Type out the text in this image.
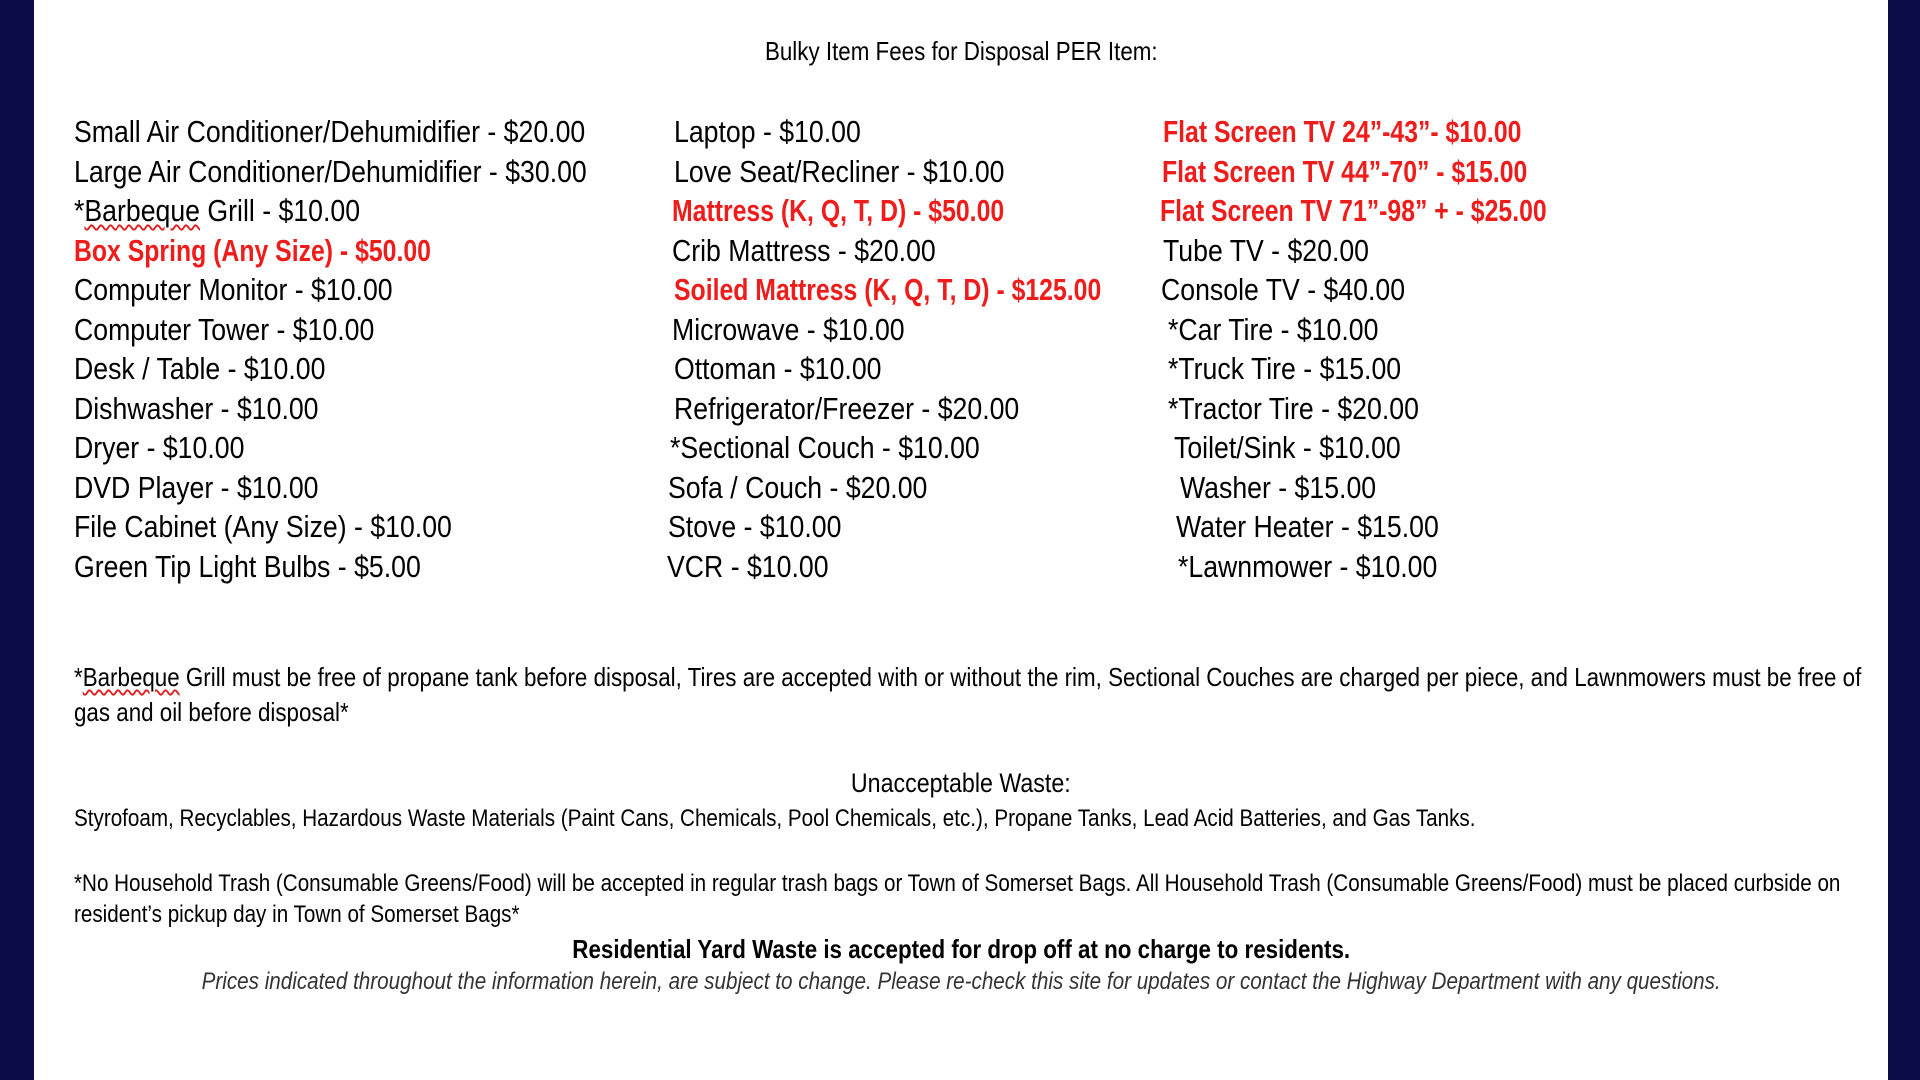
Bulky Item Fees for Disposal PER Item:
Small Air Conditioner/Dehumidifier - $20.00
Large Air Conditioner/Dehumidifier - $30.00
*Barbeque Grill - $10.00
Box Spring (Any Size) - $50.00
Computer Monitor - $10.00
Computer Tower - $10.00
Desk / Table - $10.00
Dishwasher - $10.00
Dryer - $10.00
DVD Player - $10.00
File Cabinet (Any Size) - $10.00
Green Tip Light Bulbs - $5.00
Laptop - $10.00
Love Seat/Recliner - $10.00
Mattress (K, Q, T, D) - $50.00
Crib Mattress - $20.00
Soiled Mattress (K, Q, T, D) - $125.00
Microwave - $10.00
Ottoman - $10.00
Refrigerator/Freezer - $20.00
*Sectional Couch - $10.00
Sofa / Couch - $20.00
Stove - $10.00
VCR - $10.00
Flat Screen TV 24”-43”- $10.00
Flat Screen TV 44”-70” - $15.00
Flat Screen TV 71”-98” + - $25.00
Tube TV - $20.00
Console TV - $40.00
*Car Tire - $10.00
*Truck Tire - $15.00
*Tractor Tire - $20.00
Toilet/Sink - $10.00
Washer - $15.00
Water Heater - $15.00
*Lawnmower - $10.00
*Barbeque Grill must be free of propane tank before disposal, Tires are accepted with or without the rim, Sectional Couches are charged per piece, and Lawnmowers must be free of gas and oil before disposal*
Unacceptable Waste:
Styrofoam, Recyclables, Hazardous Waste Materials (Paint Cans, Chemicals, Pool Chemicals, etc.), Propane Tanks, Lead Acid Batteries, and Gas Tanks.
*No Household Trash (Consumable Greens/Food) will be accepted in regular trash bags or Town of Somerset Bags. All Household Trash (Consumable Greens/Food) must be placed curbside on resident’s pickup day in Town of Somerset Bags*
Residential Yard Waste is accepted for drop off at no charge to residents.
Prices indicated throughout the information herein, are subject to change. Please re-check this site for updates or contact the Highway Department with any questions.
